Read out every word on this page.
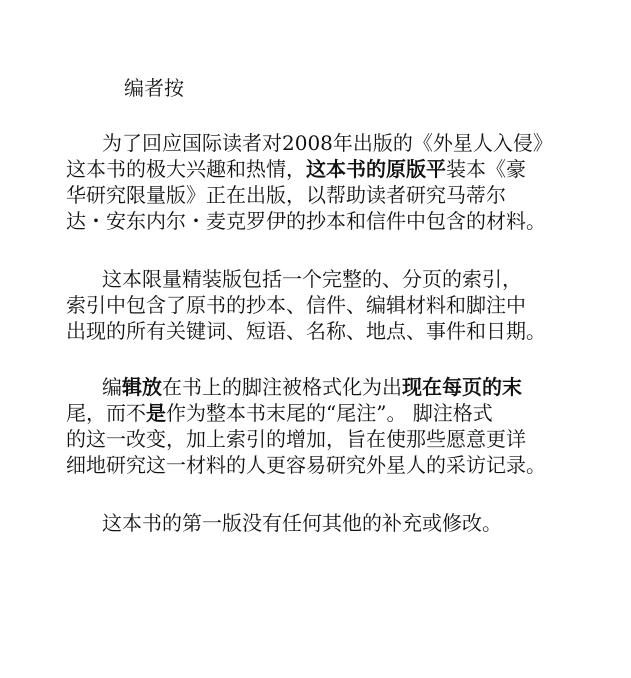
编者按
为了回应国际读者对2008年出版的《外星人入侵》
这本书的极大兴趣和热情，这本书的原版平装本《豪
华研究限量版》正在出版，以帮助读者研究马蒂尔
达・安东内尔・麦克罗伊的抄本和信件中包含的材料。
这本限量精装版包括一个完整的、分页的索引，
索引中包含了原书的抄本、信件、编辑材料和脚注中
出现的所有关键词、短语、名称、地点、事件和日期。
编辑放在书上的脚注被格式化为出现在每页的末
尾，而不是作为整本书末尾的“尾注”。 脚注格式
的这一改变，加上索引的增加，旨在使那些愿意更详
细地研究这一材料的人更容易研究外星人的采访记录。
这本书的第一版没有任何其他的补充或修改。
